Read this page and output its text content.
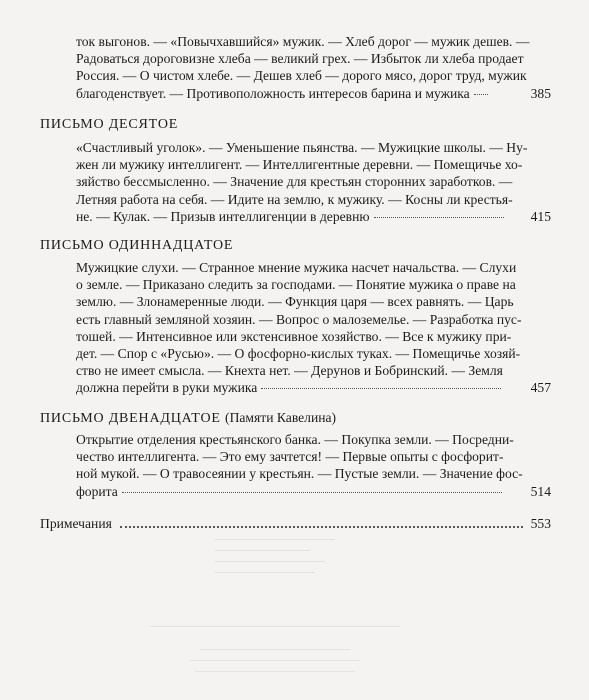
ток выгонов. — «Повычхавшийся» мужик. — Хлеб дорог — мужик дешев. —
Радоваться дороговизне хлеба — великий грех. — Избыток ли хлеба продает
Россия. — О чистом хлебе. — Дешев хлеб — дорого мясо, дорог труд, мужик
благоденствует. — Противоположность интересов барина и мужика	385

ПИСЬМО ДЕСЯТОЕ

«Счастливый уголок». — Уменьшение пьянства. — Мужицкие школы. — Ну-
жен ли мужику интеллигент. — Интеллигентные деревни. — Помещичье хо-
зяйство бессмысленно. — Значение для крестьян сторонних заработков. —
Летняя работа на себя. — Идите на землю, к мужику. — Косны ли крестья-
не. — Кулак. — Призыв интеллигенции в деревню	415

ПИСЬМО ОДИННАДЦАТОЕ

Мужицкие слухи. — Странное мнение мужика насчет начальства. — Слухи
о земле. — Приказано следить за господами. — Понятие мужика о праве на
землю. — Злонамеренные люди. — Функция царя — всех равнять. — Царь
есть главный земляной хозяин. — Вопрос о малоземелье. — Разработка пус-
тошей. — Интенсивное или экстенсивное хозяйство. — Все к мужику при-
дет. — Спор с «Русью». — О фосфорно-кислых туках. — Помещичье хозяй-
ство не имеет смысла. — Кнехта нет. — Дерунов и Бобринский. — Земля
должна перейти в руки мужика	457

ПИСЬМО ДВЕНАДЦАТОЕ (Памяти Кавелина)

Открытие отделения крестьянского банка. — Покупка земли. — Посредни-
чество интеллигента. — Это ему зачтется! — Первые опыты с фосфорит-
ной мукой. — О травосеянии у крестьян. — Пустые земли. — Значение фос-
форита	514

Примечания	553
